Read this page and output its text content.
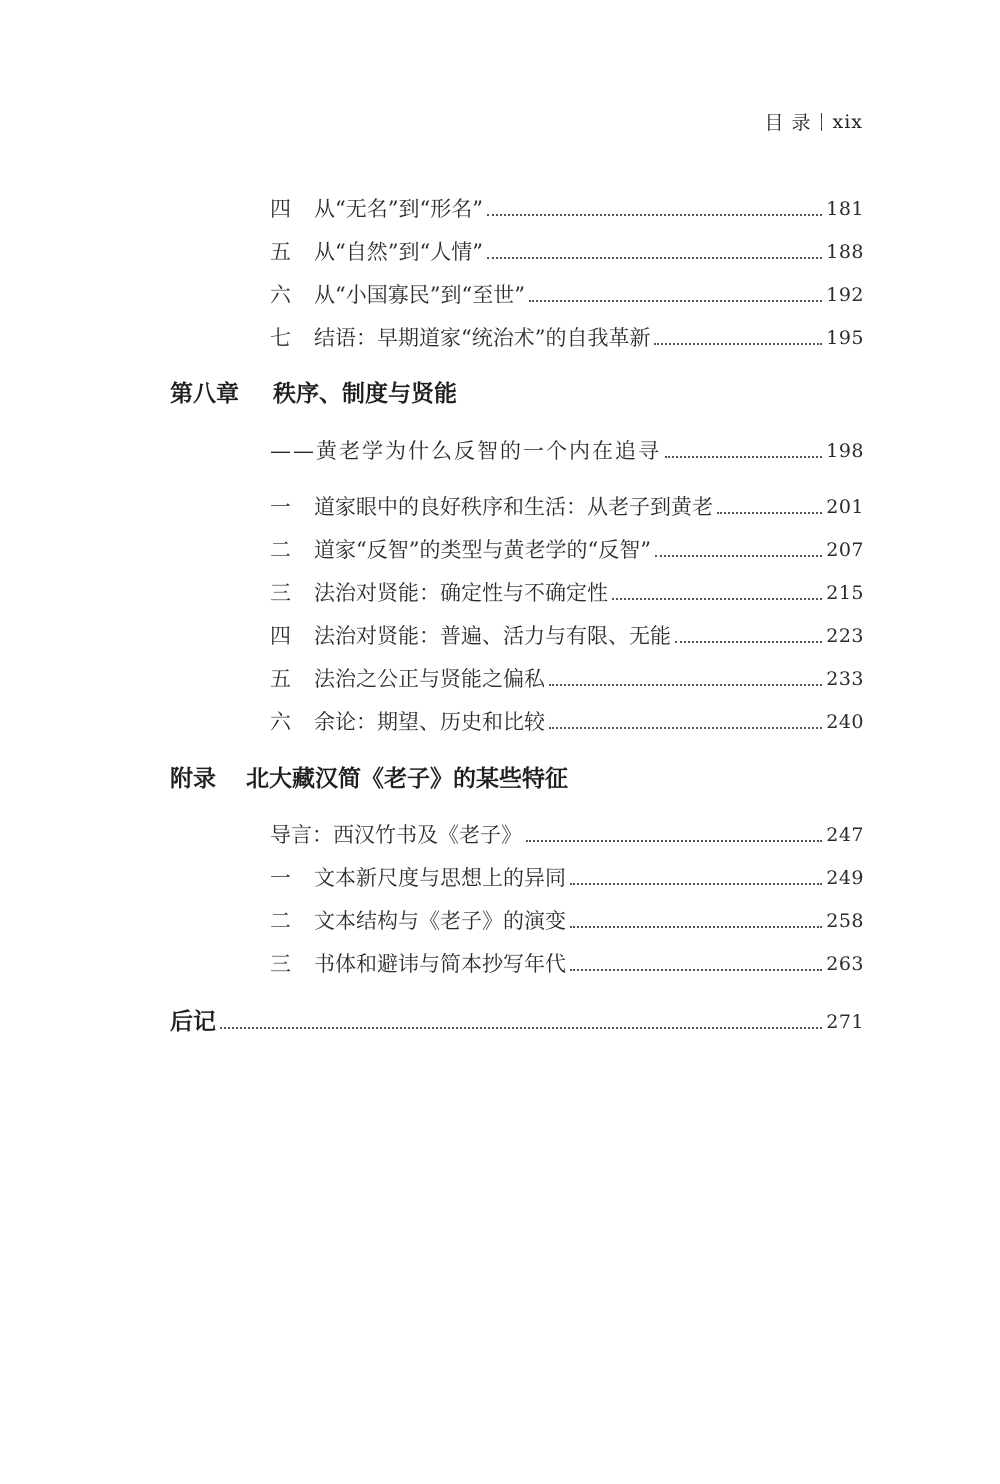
目 录 xix
四	从“无名”到“形名”	181
五	从“自然”到“人情”	188
六	从“小国寡民”到“至世”	192
七	结语：早期道家“统治术”的自我革新	195
第八章 秩序、制度与贤能
——黄老学为什么反智的一个内在追寻	198
一	道家眼中的良好秩序和生活：从老子到黄老	201
二	道家“反智”的类型与黄老学的“反智”	207
三	法治对贤能：确定性与不确定性	215
四	法治对贤能：普遍、活力与有限、无能	223
五	法治之公正与贤能之偏私	233
六	余论：期望、历史和比较	240
附录 北大藏汉简《老子》的某些特征
导言：西汉竹书及《老子》	247
一	文本新尺度与思想上的异同	249
二	文本结构与《老子》的演变	258
三	书体和避讳与简本抄写年代	263
后记	271
